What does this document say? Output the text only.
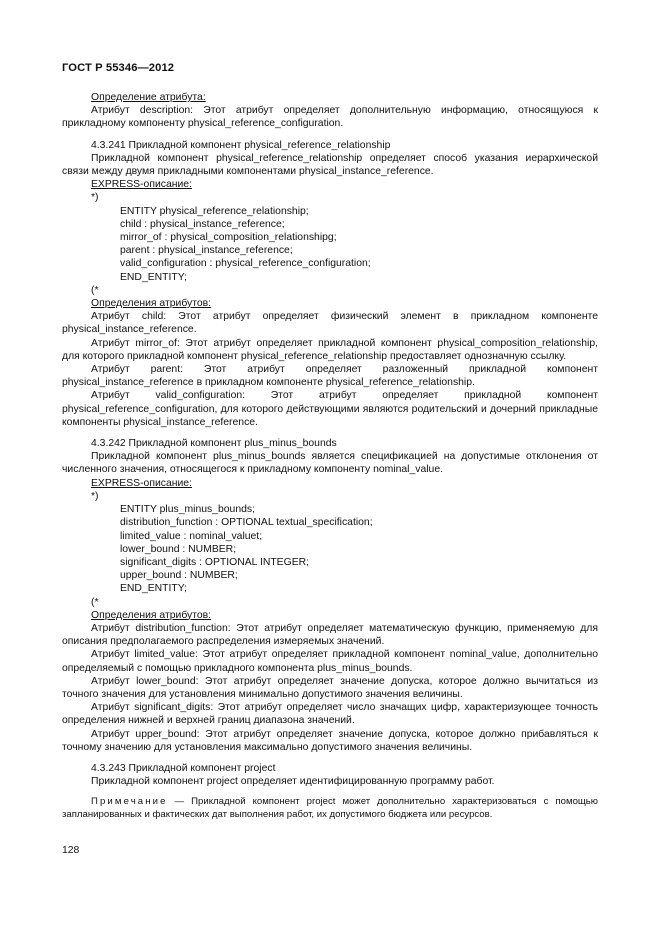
ГОСТ Р 55346—2012

Определение атрибута:

Атрибут description: Этот атрибут определяет дополнительную информацию, относящуюся к прикладному компоненту physical_reference_configuration.

4.3.241 Прикладной компонент physical_reference_relationship

Прикладной компонент physical_reference_relationship определяет способ указания иерархической связи между двумя прикладными компонентами physical_instance_reference.

EXPRESS-описание:

*)

ENTITY physical_reference_relationship;

child : physical_instance_reference;

mirror_of : physical_composition_relationshipg;

parent : physical_instance_reference;

valid_configuration : physical_reference_configuration;

END_ENTITY;

(*

Определения атрибутов:

Атрибут child: Этот атрибут определяет физический элемент в прикладном компоненте physical_instance_reference.

Атрибут mirror_of: Этот атрибут определяет прикладной компонент physical_composition_relationship, для которого прикладной компонент physical_reference_relationship предоставляет однозначную ссылку.

Атрибут parent: Этот атрибут определяет разложенный прикладной компонент physical_instance_reference в прикладном компоненте physical_reference_relationship.

Атрибут valid_configuration: Этот атрибут определяет прикладной компонент physical_reference_configuration, для которого действующими являются родительский и дочерний прикладные компоненты physical_instance_reference.

4.3.242 Прикладной компонент plus_minus_bounds

Прикладной компонент plus_minus_bounds является спецификацией на допустимые отклонения от численного значения, относящегося к прикладному компоненту nominal_value.

EXPRESS-описание:

*)

ENTITY plus_minus_bounds;

distribution_function : OPTIONAL textual_specification;

limited_value : nominal_valuet;

lower_bound : NUMBER;

significant_digits : OPTIONAL INTEGER;

upper_bound : NUMBER;

END_ENTITY;

(*

Определения атрибутов:

Атрибут distribution_function: Этот атрибут определяет математическую функцию, применяемую для описания предполагаемого распределения измеряемых значений.

Атрибут limited_value: Этот атрибут определяет прикладной компонент nominal_value, дополнительно определяемый с помощью прикладного компонента plus_minus_bounds.

Атрибут lower_bound: Этот атрибут определяет значение допуска, которое должно вычитаться из точного значения для установления минимально допустимого значения величины.

Атрибут significant_digits: Этот атрибут определяет число значащих цифр, характеризующее точность определения нижней и верхней границ диапазона значений.

Атрибут upper_bound: Этот атрибут определяет значение допуска, которое должно прибавляться к точному значению для установления максимально допустимого значения величины.

4.3.243 Прикладной компонент project

Прикладной компонент project определяет идентифицированную программу работ.

Примечание — Прикладной компонент project может дополнительно характеризоваться с помощью запланированных и фактических дат выполнения работ, их допустимого бюджета или ресурсов.

128
